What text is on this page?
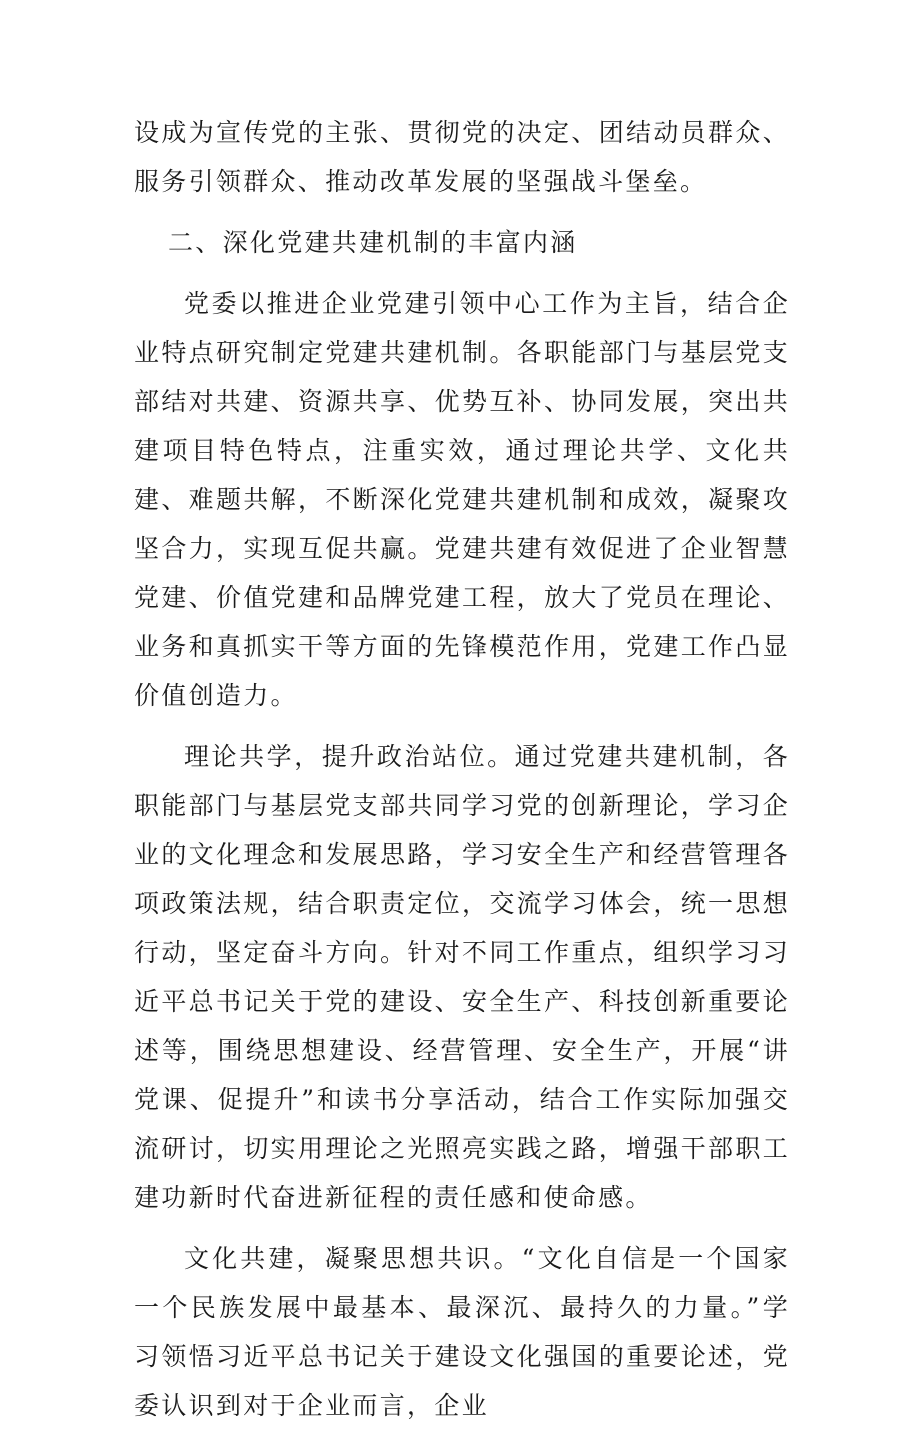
设成为宣传党的主张、贯彻党的决定、团结动员群众、服务引领群众、推动改革发展的坚强战斗堡垒。

二、深化党建共建机制的丰富内涵

党委以推进企业党建引领中心工作为主旨，结合企业特点研究制定党建共建机制。各职能部门与基层党支部结对共建、资源共享、优势互补、协同发展，突出共建项目特色特点，注重实效，通过理论共学、文化共建、难题共解，不断深化党建共建机制和成效，凝聚攻坚合力，实现互促共赢。党建共建有效促进了企业智慧党建、价值党建和品牌党建工程，放大了党员在理论、业务和真抓实干等方面的先锋模范作用，党建工作凸显价值创造力。

理论共学，提升政治站位。通过党建共建机制，各职能部门与基层党支部共同学习党的创新理论，学习企业的文化理念和发展思路，学习安全生产和经营管理各项政策法规，结合职责定位，交流学习体会，统一思想行动，坚定奋斗方向。针对不同工作重点，组织学习习近平总书记关于党的建设、安全生产、科技创新重要论述等，围绕思想建设、经营管理、安全生产，开展“讲党课、促提升”和读书分享活动，结合工作实际加强交流研讨，切实用理论之光照亮实践之路，增强干部职工建功新时代奋进新征程的责任感和使命感。

文化共建，凝聚思想共识。“文化自信是一个国家一个民族发展中最基本、最深沉、最持久的力量。”学习领悟习近平总书记关于建设文化强国的重要论述，党委认识到对于企业而言，企业
